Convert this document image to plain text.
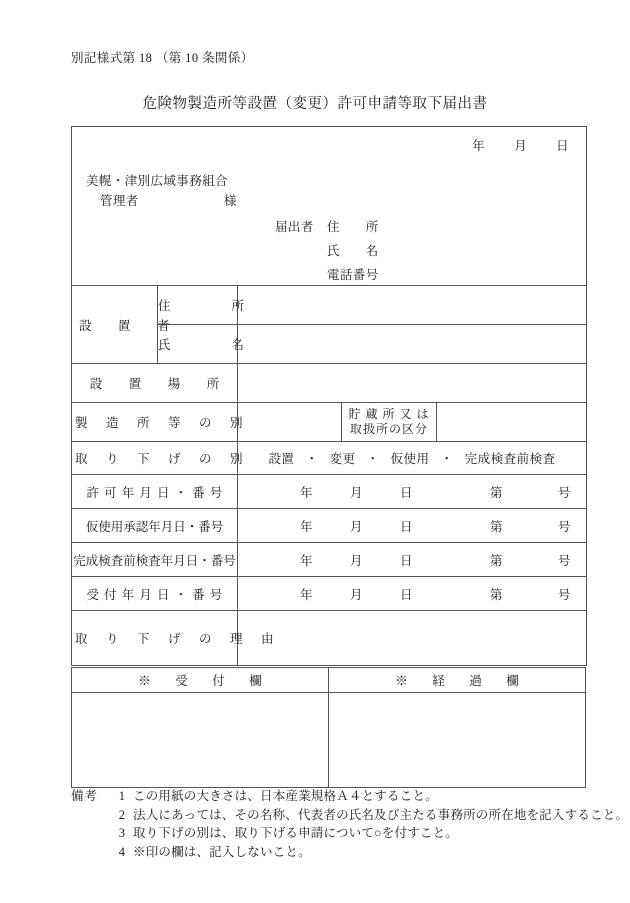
別記様式第 18 （第 10 条関係）
危険物製造所等設置（変更）許可申請等取下届出書
年 月 日
美幌・津別広域事務組合
管理者	様
届出者	住　　所
氏　　名
電話番号

設　置　者	住　　所			
	氏　　名			
設　置　場　所				
製　造　所　等　の　別			貯 蔵 所 又 は
取扱所の区分	

取　り　下　げ　の　別		設置 ・ 変更 ・ 仮使用 ・ 完成検査前検査		
許 可 年 月 日 ・ 番 号		年 月 日 第 号		

仮使用承認年月日・番号		年 月 日 第 号		

完成検査前検査年月日・番号		年 月 日 第 号		

受 付 年 月 日 ・ 番 号		年 月 日 第 号		

取　り　下　げ　の　理　由				
※　受　付　欄	※　経　過　欄

備考	1 この用紙の大きさは、日本産業規格Ａ４とすること。
2 法人にあっては、その名称、代表者の氏名及び主たる事務所の所在地を記入すること。
3 取り下げの別は、取り下げる申請について○を付すこと。
4 ※印の欄は、記入しないこと。
